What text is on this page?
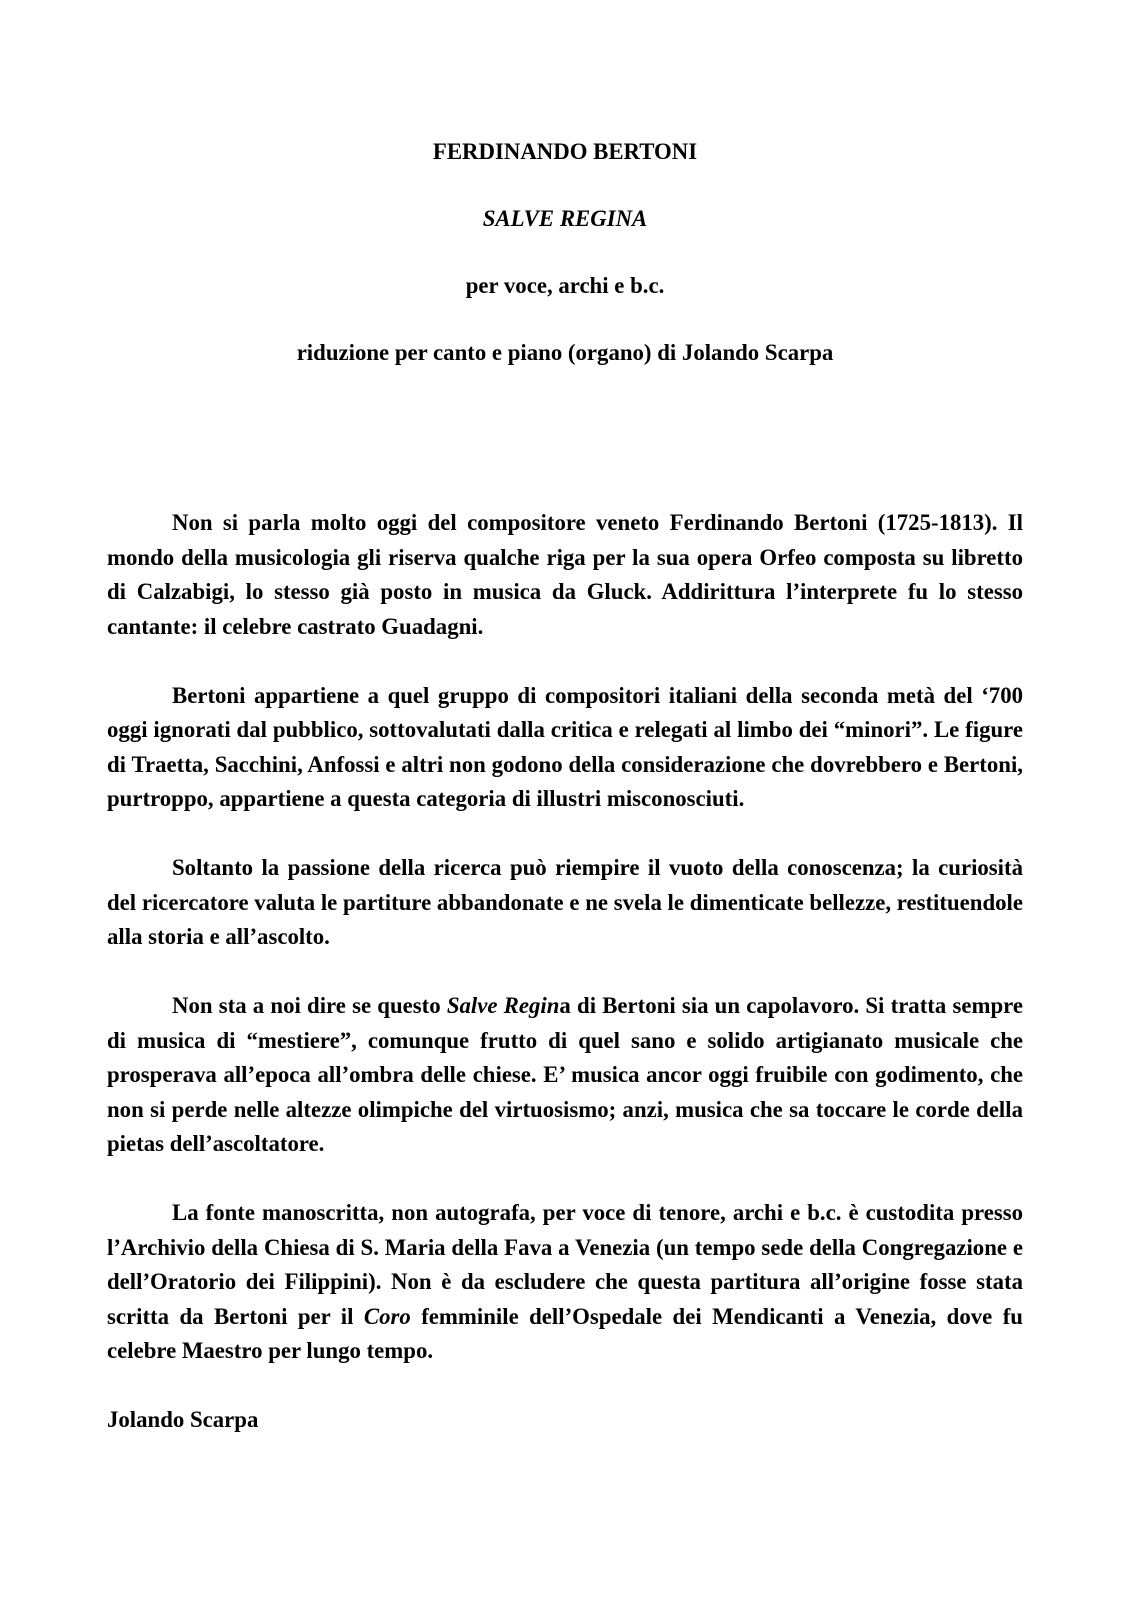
FERDINANDO BERTONI
SALVE REGINA
per voce, archi e b.c.
riduzione per canto e piano (organo) di Jolando Scarpa

Non si parla molto oggi del compositore veneto Ferdinando Bertoni (1725-1813). Il mondo della musicologia gli riserva qualche riga per la sua opera Orfeo composta su libretto di Calzabigi, lo stesso già posto in musica da Gluck. Addirittura l’interprete fu lo stesso cantante: il celebre castrato Guadagni.

Bertoni appartiene a quel gruppo di compositori italiani della seconda metà del ‘700 oggi ignorati dal pubblico, sottovalutati dalla critica e relegati al limbo dei “minori”. Le figure di Traetta, Sacchini, Anfossi e altri non godono della considerazione che dovrebbero e Bertoni, purtroppo, appartiene a questa categoria di illustri misconosciuti.

Soltanto la passione della ricerca può riempire il vuoto della conoscenza; la curiosità del ricercatore valuta le partiture abbandonate e ne svela le dimenticate bellezze, restituendole alla storia e all’ascolto.

Non sta a noi dire se questo Salve Regina di Bertoni sia un capolavoro. Si tratta sempre di musica di “mestiere”, comunque frutto di quel sano e solido artigianato musicale che prosperava all’epoca all’ombra delle chiese. E’ musica ancor oggi fruibile con godimento, che non si perde nelle altezze olimpiche del virtuosismo; anzi, musica che sa toccare le corde della pietas dell’ascoltatore.

La fonte manoscritta, non autografa, per voce di tenore, archi e b.c. è custodita presso l’Archivio della Chiesa di S. Maria della Fava a Venezia (un tempo sede della Congregazione e dell’Oratorio dei Filippini). Non è da escludere che questa partitura all’origine fosse stata scritta da Bertoni per il Coro femminile dell’Ospedale dei Mendicanti a Venezia, dove fu celebre Maestro per lungo tempo.

Jolando Scarpa
